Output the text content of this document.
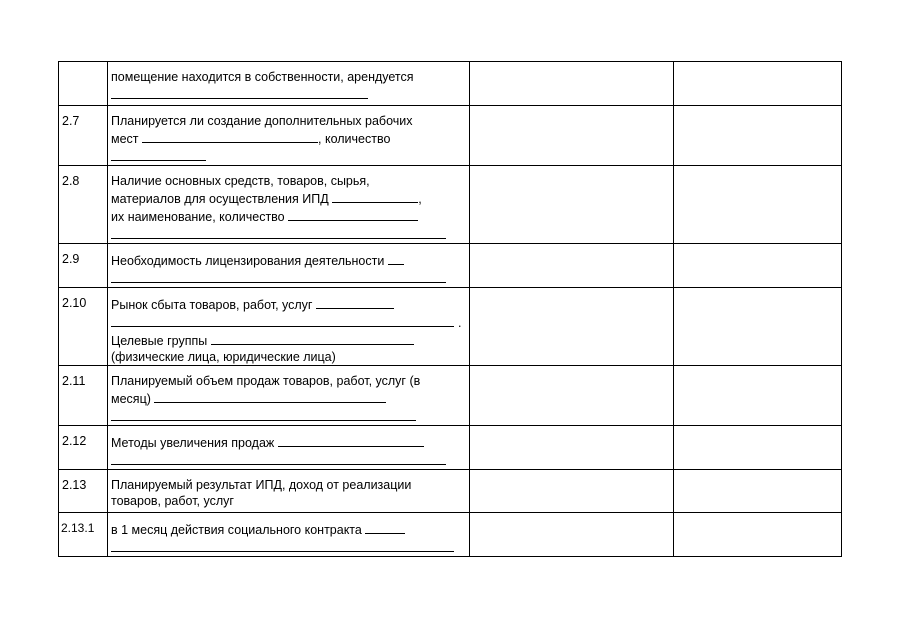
	помещение находится в собственности, арендуется		

2.7	Планируется ли создание дополнительных рабочих
мест , количество		

2.8	Наличие основных средств, товаров, сырья,
материалов для осуществления ИПД ,
их наименование, количество		

2.9	Необходимость лицензирования деятельности		

2.10	Рынок сбыта товаров, работ, услуг
.
Целевые группы
(физические лица, юридические лица)		

2.11	Планируемый объем продаж товаров, работ, услуг (в
месяц)		

2.12	Методы увеличения продаж		

2.13	Планируемый результат ИПД, доход от реализации
товаров, работ, услуг		

2.13.1	в 1 месяц действия социального контракта		
